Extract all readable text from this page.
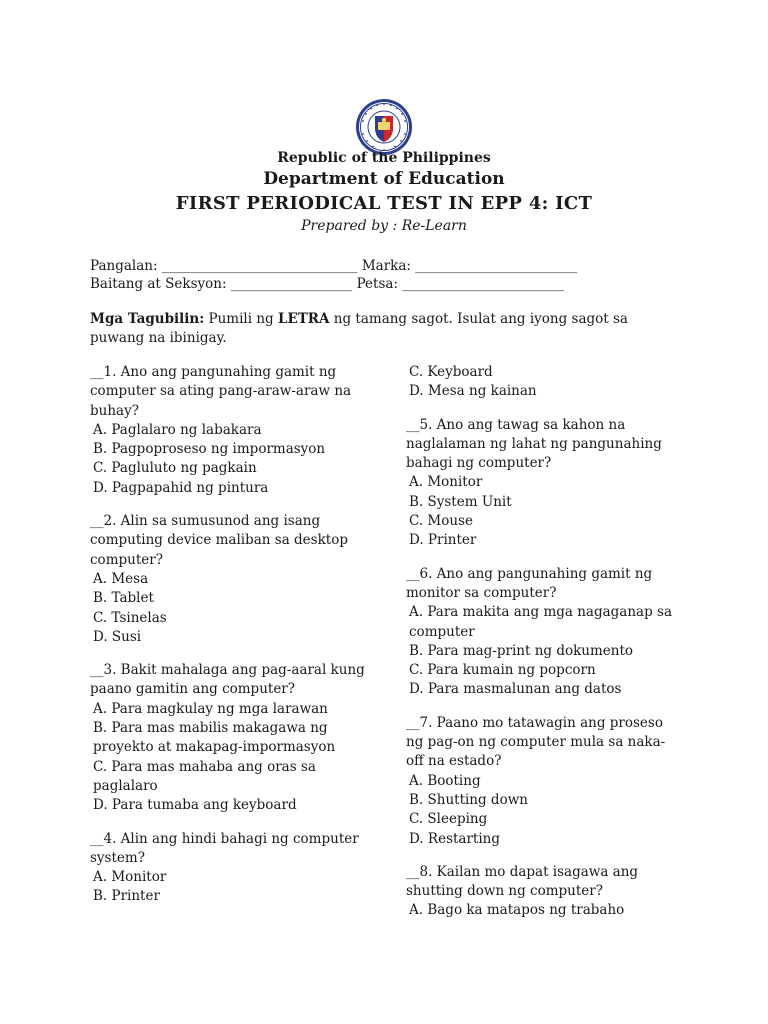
Republic of the Philippines
Department of Education
FIRST PERIODICAL TEST IN EPP 4: ICT
Prepared by : Re-Learn
Pangalan: _____________________________ Marka: ________________________
Baitang at Seksyon: __________________ Petsa: ________________________
Mga Tagubilin: Pumili ng LETRA ng tamang sagot. Isulat ang iyong sagot sa puwang na ibinigay.
__1. Ano ang pangunahing gamit ng computer sa ating pang-araw-araw na buhay?
A. Paglalaro ng labakara
B. Pagpoproseso ng impormasyon
C. Pagluluto ng pagkain
D. Pagpapahid ng pintura
__2. Alin sa sumusunod ang isang computing device maliban sa desktop computer?
A. Mesa
B. Tablet
C. Tsinelas
D. Susi
__3. Bakit mahalaga ang pag-aaral kung paano gamitin ang computer?
A. Para magkulay ng mga larawan
B. Para mas mabilis makagawa ng proyekto at makapag-impormasyon
C. Para mas mahaba ang oras sa paglalaro
D. Para tumaba ang keyboard
__4. Alin ang hindi bahagi ng computer system?
A. Monitor
B. Printer
C. Keyboard
D. Mesa ng kainan
__5. Ano ang tawag sa kahon na naglalaman ng lahat ng pangunahing bahagi ng computer?
A. Monitor
B. System Unit
C. Mouse
D. Printer
__6. Ano ang pangunahing gamit ng monitor sa computer?
A. Para makita ang mga nagaganap sa computer
B. Para mag-print ng dokumento
C. Para kumain ng popcorn
D. Para masmalunan ang datos
__7. Paano mo tatawagin ang proseso ng pag-on ng computer mula sa naka-off na estado?
A. Booting
B. Shutting down
C. Sleeping
D. Restarting
__8. Kailan mo dapat isagawa ang shutting down ng computer?
A. Bago ka matapos ng trabaho
